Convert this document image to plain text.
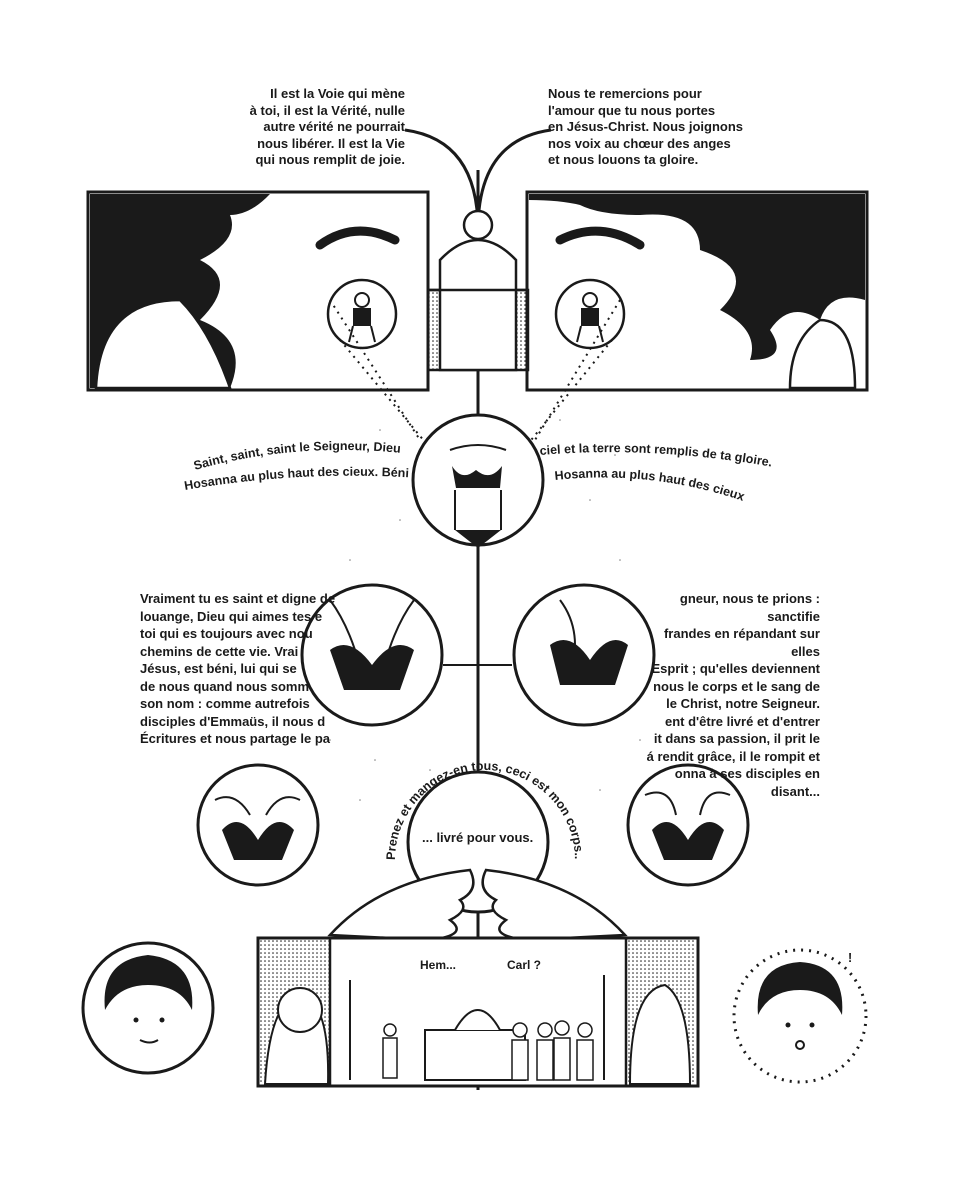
Saint, saint, saint le Seigneur, Dieu
Hosanna au plus haut des cieux. Béni
ciel et la terre sont remplis de ta gloire.
Hosanna au plus haut des cieux
Prenez et mangez-en tous, ceci est mon corps..
!
Il est la Voie qui mène
à toi, il est la Vérité, nulle
autre vérité ne pourrait
nous libérer. Il est la Vie
qui nous remplit de joie.
Nous te remercions pour
l'amour que tu nous portes
en Jésus-Christ. Nous joignons
nos voix au chœur des anges
et nous louons ta gloire.
Vraiment tu es saint et digne de
louange, Dieu qui aimes tes e
toi qui es toujours avec nou
chemins de cette vie. Vrai
Jésus, est béni, lui qui se
de nous quand nous somm
son nom : comme autrefois
disciples d'Emmaüs, il nous d
Écritures et nous partage le pa
gneur, nous te prions : sanctifie
frandes en répandant sur elles
Esprit ; qu'elles deviennent
nous le corps et le sang de
le Christ, notre Seigneur.
ent d'être livré et d'entrer
it dans sa passion, il prit le
á rendit grâce, il le rompit et
onna à ses disciples en disant...
... livré pour vous.
Hem...	Carl ?
